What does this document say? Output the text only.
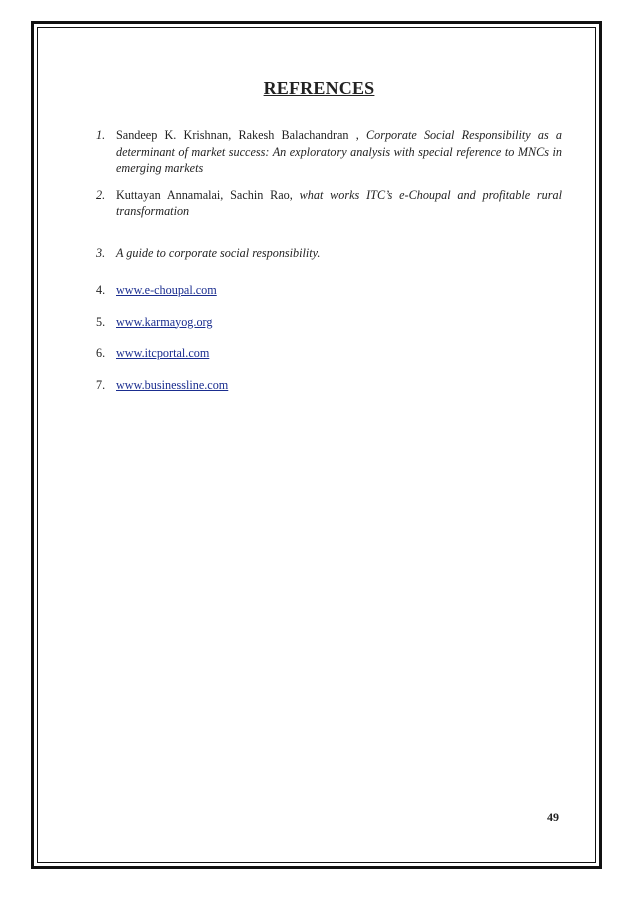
REFRENCES
1. Sandeep K. Krishnan, Rakesh Balachandran , Corporate Social Responsibility as a determinant of market success: An exploratory analysis with special reference to MNCs in emerging markets
2. Kuttayan Annamalai, Sachin Rao, what works ITC’s e-Choupal and profitable rural transformation
3. A guide to corporate social responsibility.
4. www.e-choupal.com
5. www.karmayog.org
6. www.itcportal.com
7. www.businessline.com
49
